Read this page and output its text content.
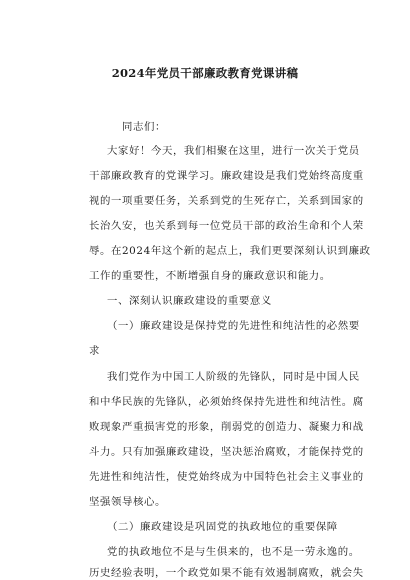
2024年党员干部廉政教育党课讲稿
同志们：
大家好！今天，我们相聚在这里，进行一次关于党员
干部廉政教育的党课学习。廉政建设是我们党始终高度重
视的一项重要任务，关系到党的生死存亡，关系到国家的
长治久安，也关系到每一位党员干部的政治生命和个人荣
辱。在2024年这个新的起点上，我们更要深刻认识到廉政
工作的重要性，不断增强自身的廉政意识和能力。
一、深刻认识廉政建设的重要意义
（一）廉政建设是保持党的先进性和纯洁性的必然要
求
我们党作为中国工人阶级的先锋队，同时是中国人民
和中华民族的先锋队，必须始终保持先进性和纯洁性。腐
败现象严重损害党的形象，削弱党的创造力、凝聚力和战
斗力。只有加强廉政建设，坚决惩治腐败，才能保持党的
先进性和纯洁性，使党始终成为中国特色社会主义事业的
坚强领导核心。
（二）廉政建设是巩固党的执政地位的重要保障
党的执政地位不是与生俱来的，也不是一劳永逸的。
历史经验表明，一个政党如果不能有效遏制腐败，就会失
